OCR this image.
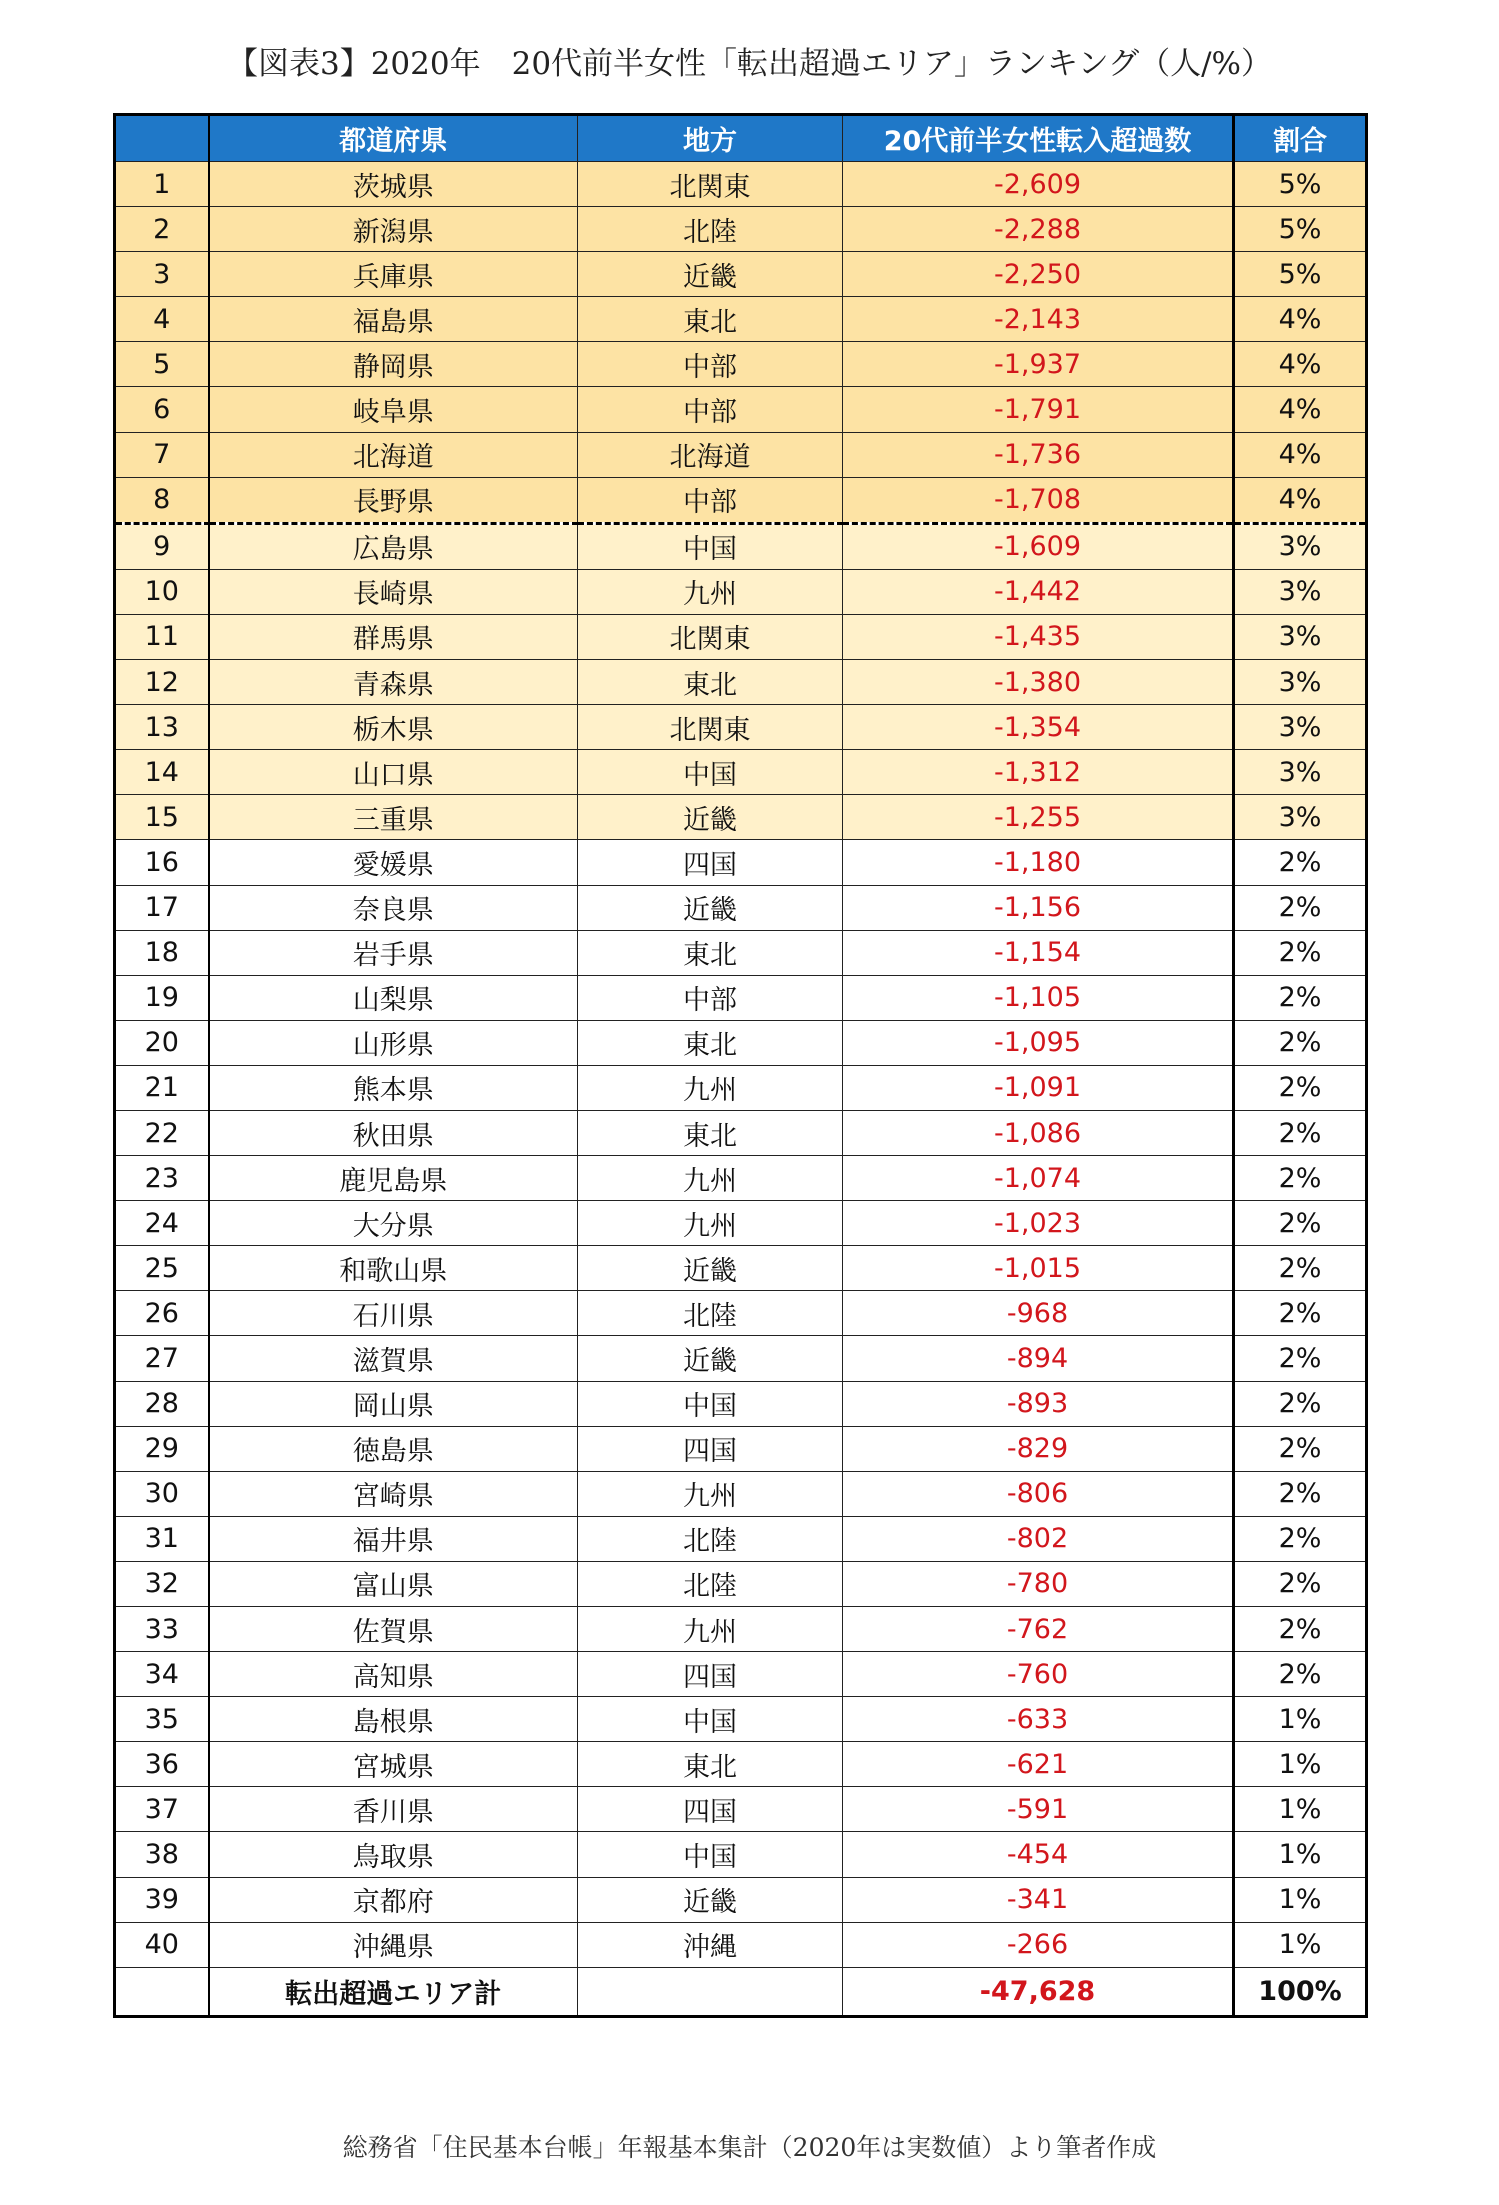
【図表3】2020年　20代前半女性「転出超過エリア」ランキング（人/%）
	都道府県	地方	20代前半女性転入超過数	割合
1	茨城県	北関東	-2,609	5%
2	新潟県	北陸	-2,288	5%
3	兵庫県	近畿	-2,250	5%
4	福島県	東北	-2,143	4%
5	静岡県	中部	-1,937	4%
6	岐阜県	中部	-1,791	4%
7	北海道	北海道	-1,736	4%
8	長野県	中部	-1,708	4%
9	広島県	中国	-1,609	3%
10	長崎県	九州	-1,442	3%
11	群馬県	北関東	-1,435	3%
12	青森県	東北	-1,380	3%
13	栃木県	北関東	-1,354	3%
14	山口県	中国	-1,312	3%
15	三重県	近畿	-1,255	3%
16	愛媛県	四国	-1,180	2%
17	奈良県	近畿	-1,156	2%
18	岩手県	東北	-1,154	2%
19	山梨県	中部	-1,105	2%
20	山形県	東北	-1,095	2%
21	熊本県	九州	-1,091	2%
22	秋田県	東北	-1,086	2%
23	鹿児島県	九州	-1,074	2%
24	大分県	九州	-1,023	2%
25	和歌山県	近畿	-1,015	2%
26	石川県	北陸	-968	2%
27	滋賀県	近畿	-894	2%
28	岡山県	中国	-893	2%
29	徳島県	四国	-829	2%
30	宮崎県	九州	-806	2%
31	福井県	北陸	-802	2%
32	富山県	北陸	-780	2%
33	佐賀県	九州	-762	2%
34	高知県	四国	-760	2%
35	島根県	中国	-633	1%
36	宮城県	東北	-621	1%
37	香川県	四国	-591	1%
38	鳥取県	中国	-454	1%
39	京都府	近畿	-341	1%
40	沖縄県	沖縄	-266	1%
	転出超過エリア計		-47,628	100%
総務省「住民基本台帳」年報基本集計（2020年は実数値）より筆者作成
